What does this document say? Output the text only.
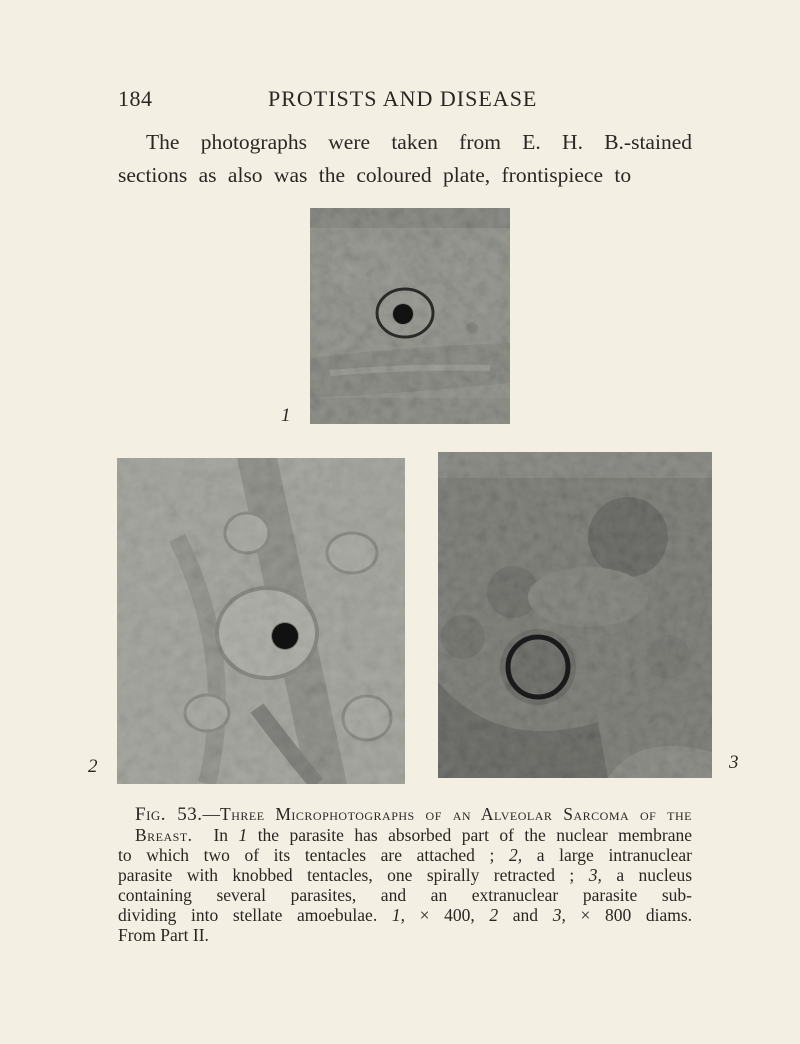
184	PROTISTS AND DISEASE
The photographs were taken from E. H. B.-stained
sections as also was the coloured plate, frontispiece to
1
2	3
Fig. 53.—Three Microphotographs of an Alveolar Sarcoma of the
Breast. In 1 the parasite has absorbed part of the nuclear membrane
to which two of its tentacles are attached ; 2, a large intranuclear
parasite with knobbed tentacles, one spirally retracted ; 3, a nucleus
containing several parasites, and an extranuclear parasite sub-
dividing into stellate amoebulae. 1, × 400, 2 and 3, × 800 diams.
From Part II.
